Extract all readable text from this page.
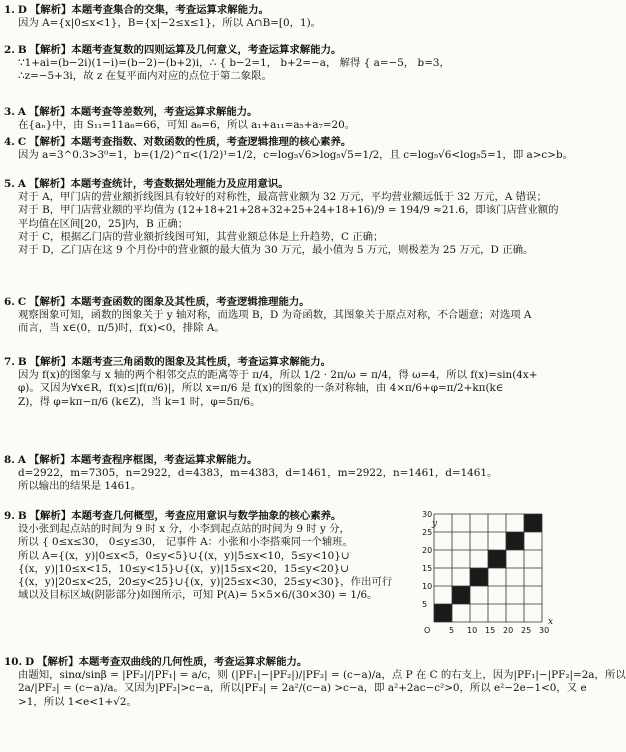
1. D 【解析】本题考查集合的交集，考查运算求解能力。
因为 A={x|0≤x<1}，B={x|−2≤x≤1}，所以 A∩B=[0，1)。
2. B 【解析】本题考查复数的四则运算及几何意义，考查运算求解能力。
∵1+ai=(b−2i)(1−i)=(b−2)−(b+2)i，∴ { b−2=1， b+2=−a， 解得 { a=−5， b=3，
∴z=−5+3i，故 z 在复平面内对应的点位于第二象限。
3. A 【解析】本题考查等差数列，考查运算求解能力。
在{aₙ}中，由 S₁₁=11a₆=66，可知 a₆=6，所以 a₁+a₁₁=a₅+a₇=20。
4. C 【解析】本题考查指数、对数函数的性质，考查逻辑推理的核心素养。
因为 a=3^0.3>3⁰=1，b=(1/2)^π<(1/2)¹=1/2，c=log₅√6>log₅√5=1/2，且 c=log₅√6<log₅5=1，即 a>c>b。
5. A 【解析】本题考查统计，考查数据处理能力及应用意识。
对于 A，甲门店的营业额折线图具有较好的对称性，最高营业额为 32 万元，平均营业额远低于 32 万元，A 错误；
对于 B，甲门店营业额的平均值为 (12+18+21+28+32+25+24+18+16)/9 = 194/9 ≈21.6，即该门店营业额的
平均值在区间[20，25]内，B 正确；
对于 C，根据乙门店的营业额折线图可知，其营业额总体是上升趋势，C 正确；
对于 D，乙门店在这 9 个月份中的营业额的最大值为 30 万元，最小值为 5 万元，则极差为 25 万元，D 正确。
6. C 【解析】本题考查函数的图象及其性质，考查逻辑推理能力。
观察图象可知，函数的图象关于 y 轴对称，而选项 B，D 为奇函数，其图象关于原点对称，不合题意；对选项 A
而言，当 x∈(0，π/5)时，f(x)<0，排除 A。
7. B 【解析】本题考查三角函数的图象及其性质，考查运算求解能力。
因为 f(x)的图象与 x 轴的两个相邻交点的距离等于 π/4，所以 1/2 · 2π/ω = π/4，得 ω=4，所以 f(x)=sin(4x+
φ)。又因为∀x∈R，f(x)≤|f(π/6)|，所以 x=π/6 是 f(x)的图象的一条对称轴，由 4×π/6+φ=π/2+kπ(k∈
Z)，得 φ=kπ−π/6 (k∈Z)，当 k=1 时，φ=5π/6。
8. A 【解析】本题考查程序框图，考查运算求解能力。
d=2922，m=7305，n=2922，d=4383，m=4383，d=1461，m=2922，n=1461，d=1461。
所以输出的结果是 1461。
9. B 【解析】本题考查几何概型，考查应用意识与数学抽象的核心素养。
设小张到起点站的时间为 9 时 x 分，小李到起点站的时间为 9 时 y 分，
所以 { 0≤x≤30， 0≤y≤30， 记事件 A：小张和小李搭乘同一个辅班。
所以 A={(x，y)|0≤x<5，0≤y<5}∪{(x，y)|5≤x<10，5≤y<10}∪
{(x，y)|10≤x<15，10≤y<15}∪{(x，y)|15≤x<20，15≤y<20}∪
{(x，y)|20≤x<25，20≤y<25}∪{(x，y)|25≤x<30，25≤y<30}，作出可行
域以及目标区域(阴影部分)如图所示，可知 P(A)= 5×5×6/(30×30) = 1/6。
10. D 【解析】本题考查双曲线的几何性质，考查运算求解能力。
由题知，sinα/sinβ = |PF₂|/|PF₁| = a/c，则 (|PF₁|−|PF₂|)/|PF₂| = (c−a)/a，点 P 在 C 的右支上，因为|PF₁|−|PF₂|=2a，所以
2a/|PF₂| = (c−a)/a。又因为|PF₂|>c−a，所以|PF₂| = 2a²/(c−a) >c−a，即 a²+2ac−c²>0，所以 e²−2e−1<0，又 e
>1，所以 1<e<1+√2。
O 5 10 15 20 25 30
5
10
15
20
25
30
x
y
